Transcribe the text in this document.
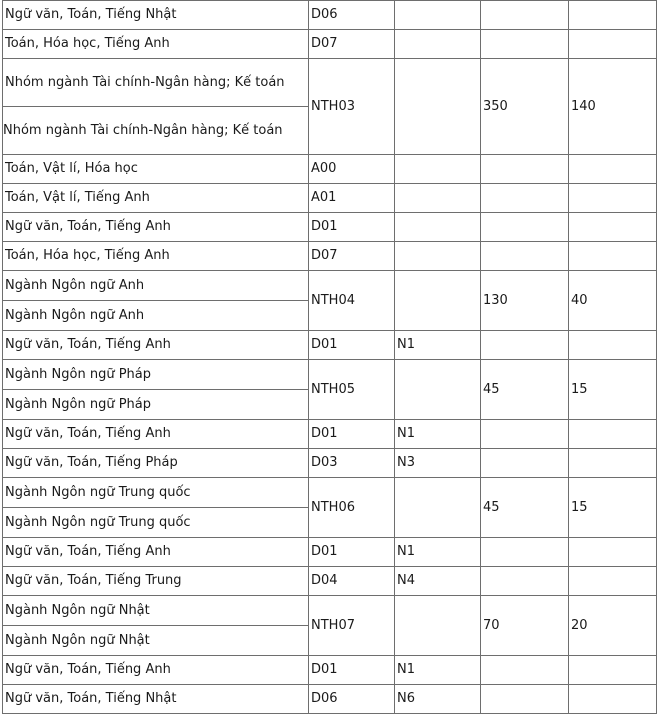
Ngữ văn, Toán, Tiếng Nhật	D06			
Toán, Hóa học, Tiếng Anh	D07			

Nhóm ngành Tài chính-Ngân hàng; Kế toán
Nhóm ngành Tài chính-Ngân hàng; Kế toán	NTH03		350	140
Toán, Vật lí, Hóa học	A00			
Toán, Vật lí, Tiếng Anh	A01			
Ngữ văn, Toán, Tiếng Anh	D01			
Toán, Hóa học, Tiếng Anh	D07			

Ngành Ngôn ngữ Anh
Ngành Ngôn ngữ Anh	NTH04		130	40
Ngữ văn, Toán, Tiếng Anh	D01	N1		

Ngành Ngôn ngữ Pháp
Ngành Ngôn ngữ Pháp	NTH05		45	15
Ngữ văn, Toán, Tiếng Anh	D01	N1		
Ngữ văn, Toán, Tiếng Pháp	D03	N3		

Ngành Ngôn ngữ Trung quốc
Ngành Ngôn ngữ Trung quốc	NTH06		45	15
Ngữ văn, Toán, Tiếng Anh	D01	N1		
Ngữ văn, Toán, Tiếng Trung	D04	N4		

Ngành Ngôn ngữ Nhật
Ngành Ngôn ngữ Nhật	NTH07		70	20
Ngữ văn, Toán, Tiếng Anh	D01	N1		
Ngữ văn, Toán, Tiếng Nhật	D06	N6		
